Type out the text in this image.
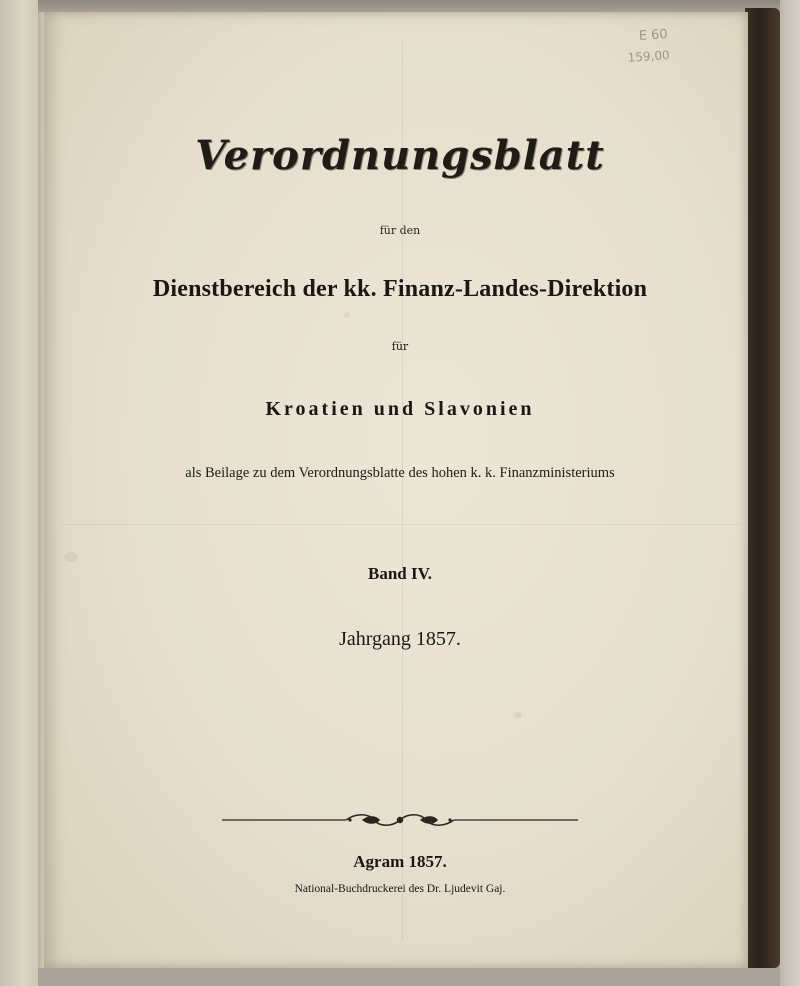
E 60
159,00
Verordnungsblatt
für den
Dienstbereich der kk. Finanz-Landes-Direktion
für
Kroatien und Slavonien
als Beilage zu dem Verordnungsblatte des hohen k. k. Finanzministeriums
Band IV.
Jahrgang 1857.
Agram 1857.
National-Buchdruckerei des Dr. Ljudevit Gaj.
